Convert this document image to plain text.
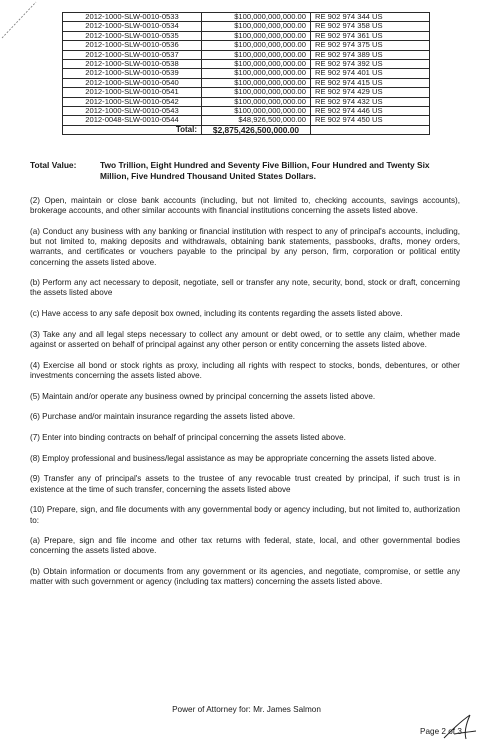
2012-1000-SLW-0010-0533	$100,000,000,000.00	RE 902 974 344 US
2012-1000-SLW-0010-0534	$100,000,000,000.00	RE 902 974 358 US
2012-1000-SLW-0010-0535	$100,000,000,000.00	RE 902 974 361 US
2012-1000-SLW-0010-0536	$100,000,000,000.00	RE 902 974 375 US
2012-1000-SLW-0010-0537	$100,000,000,000.00	RE 902 974 389 US
2012-1000-SLW-0010-0538	$100,000,000,000.00	RE 902 974 392 US
2012-1000-SLW-0010-0539	$100,000,000,000.00	RE 902 974 401 US
2012-1000-SLW-0010-0540	$100,000,000,000.00	RE 902 974 415 US
2012-1000-SLW-0010-0541	$100,000,000,000.00	RE 902 974 429 US
2012-1000-SLW-0010-0542	$100,000,000,000.00	RE 902 974 432 US
2012-1000-SLW-0010-0543	$100,000,000,000.00	RE 902 974 446 US
2012-0048-SLW-0010-0544	$48,926,500,000.00	RE 902 974 450 US
Total:	$2,875,426,500,000.00	
Total Value:	Two Trillion, Eight Hundred and Seventy Five Billion, Four Hundred and Twenty Six Million, Five Hundred Thousand United States Dollars.

(2) Open, maintain or close bank accounts (including, but not limited to, checking accounts, savings accounts), brokerage accounts, and other similar accounts with financial institutions concerning the assets listed above.

(a) Conduct any business with any banking or financial institution with respect to any of principal's accounts, including, but not limited to, making deposits and withdrawals, obtaining bank statements, passbooks, drafts, money orders, warrants, and certificates or vouchers payable to the principal by any person, firm, corporation or political entity concerning the assets listed above.

(b) Perform any act necessary to deposit, negotiate, sell or transfer any note, security, bond, stock or draft, concerning the assets listed above

(c) Have access to any safe deposit box owned, including its contents regarding the assets listed above.

(3) Take any and all legal steps necessary to collect any amount or debt owed, or to settle any claim, whether made against or asserted on behalf of principal against any other person or entity concerning the assets listed above.

(4) Exercise all bond or stock rights as proxy, including all rights with respect to stocks, bonds, debentures, or other investments concerning the assets listed above.

(5) Maintain and/or operate any business owned by principal concerning the assets listed above.

(6) Purchase and/or maintain insurance regarding the assets listed above.

(7) Enter into binding contracts on behalf of principal concerning the assets listed above.

(8) Employ professional and business/legal assistance as may be appropriate concerning the assets listed above.

(9) Transfer any of principal's assets to the trustee of any revocable trust created by principal, if such trust is in existence at the time of such transfer, concerning the assets listed above

(10) Prepare, sign, and file documents with any governmental body or agency including, but not limited to, authorization to:

(a) Prepare, sign and file income and other tax returns with federal, state, local, and other governmental bodies concerning the assets listed above.

(b) Obtain information or documents from any government or its agencies, and negotiate, compromise, or settle any matter with such government or agency (including tax matters) concerning the assets listed above.

Power of Attorney for: Mr. James Salmon
Page 2 of 3
